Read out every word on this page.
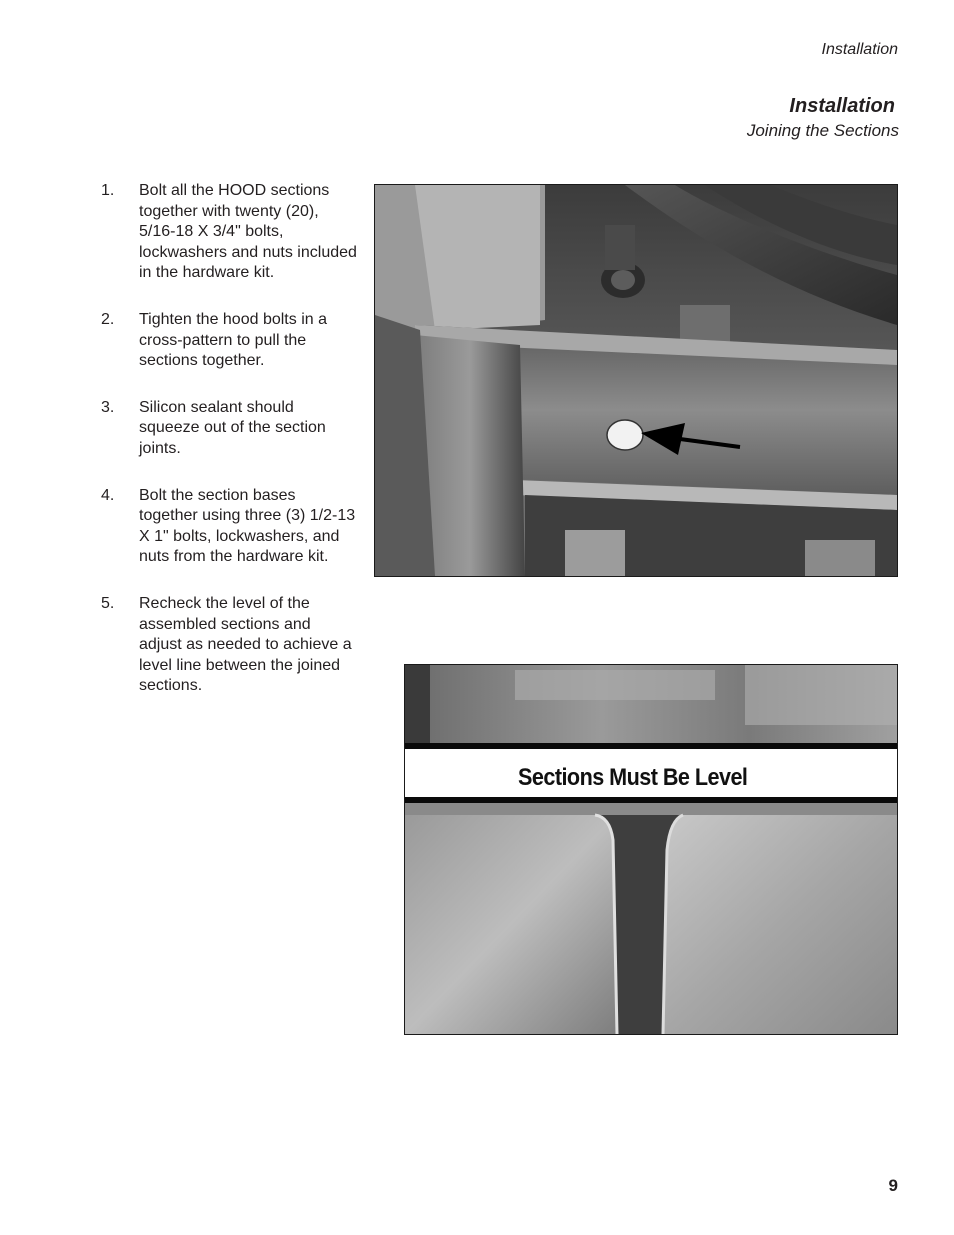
Installation
Installation
Joining the Sections
1.	Bolt all the HOOD sections together with twenty (20), 5/16-18 X 3/4" bolts, lockwashers and nuts included in the hardware kit.
2.	Tighten the hood bolts in a cross-pattern to pull the sections together.
3.	Silicon sealant should squeeze out of the section joints.
4.	Bolt the section bases together using three (3) 1/2-13 X 1" bolts, lockwashers, and nuts from the hardware kit.
5.	Recheck the level of the assembled sections and adjust as needed to achieve a level line between the joined sections.
Sections Must Be Level
9
